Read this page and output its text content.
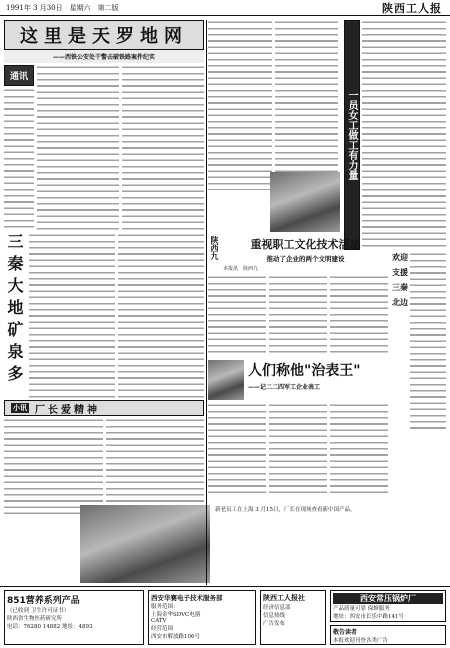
1991年 3 月30日　星期六　第二版	陕西工人报
这里是天罗地网
——西铁公安处干警击破铁路案件纪实
通讯
一员女工做工有力量
三秦大地矿泉多	陕西九	重视职工文化技术活动
推动了企业的两个文明建设
本报讯　陕西九
欢迎
支援
三秦
北边
人们称他"治表王"
——记二二四军工企业表工
小讯 厂长爱精神
新老员工在上海 3 月15日，厂长在现场查看新中国产品。
851营养系列产品
（已收到 卫生许可证书）
陕西省生物医药研究所
电话：76280 14882 地址：4893
西安华赛电子技术服务部
服务范围：
上海金华SDVC电器
CATV
经营范围
西安市解放路106号
陕西工人报社
经济信息部
信息热线
广告发布
西安常压锅炉厂
产品质量可靠 保修服务
地址：西安市长乐中路141号
敬告读者
本报欢迎刊登各类广告
